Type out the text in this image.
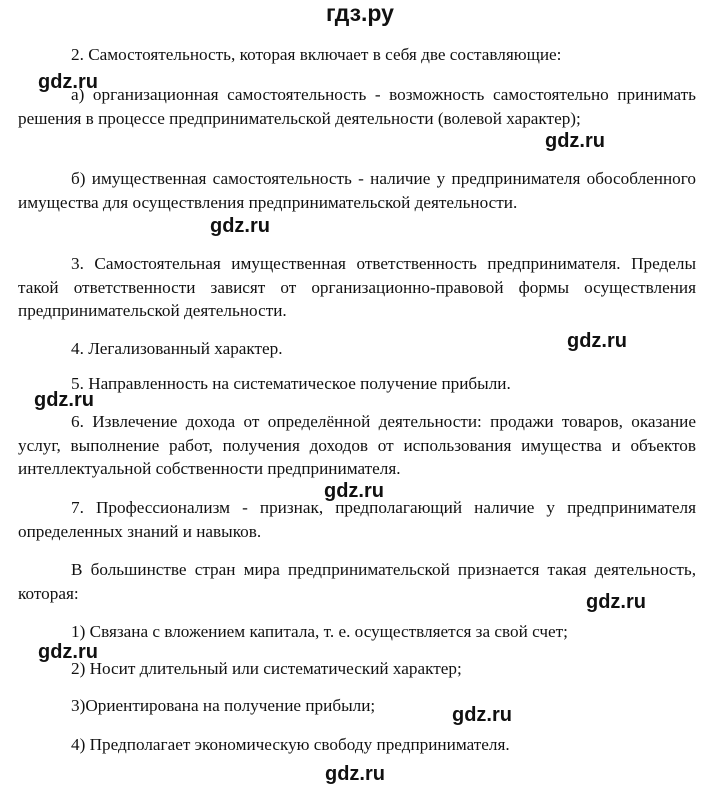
гдз.ру
2. Самостоятельность, которая включает в себя две составляющие:
а) организационная самостоятельность - возможность самостоятельно принимать решения в процессе предпринимательской деятельности (волевой характер);
б) имущественная самостоятельность - наличие у предпринимателя обособленного имущества для осуществления предпринимательской деятельности.
3. Самостоятельная имущественная ответственность предпринимателя. Пределы такой ответственности зависят от организационно-правовой формы осуществления предпринимательской деятельности.
4. Легализованный характер.
5. Направленность на систематическое получение прибыли.
6. Извлечение дохода от определённой деятельности: продажи товаров, оказание услуг, выполнение работ, получения доходов от использования имущества и объектов интеллектуальной собственности предпринимателя.
7. Профессионализм - признак, предполагающий наличие у предпринимателя определенных знаний и навыков.
В большинстве стран мира предпринимательской признается такая деятельность, которая:
1) Связана с вложением капитала, т. е. осуществляется за свой счет;
2) Носит длительный или систематический характер;
3)Ориентирована на получение прибыли;
4) Предполагает экономическую свободу предпринимателя.
gdz.ru
gdz.ru
gdz.ru
gdz.ru
gdz.ru
gdz.ru
gdz.ru
gdz.ru
gdz.ru
gdz.ru
